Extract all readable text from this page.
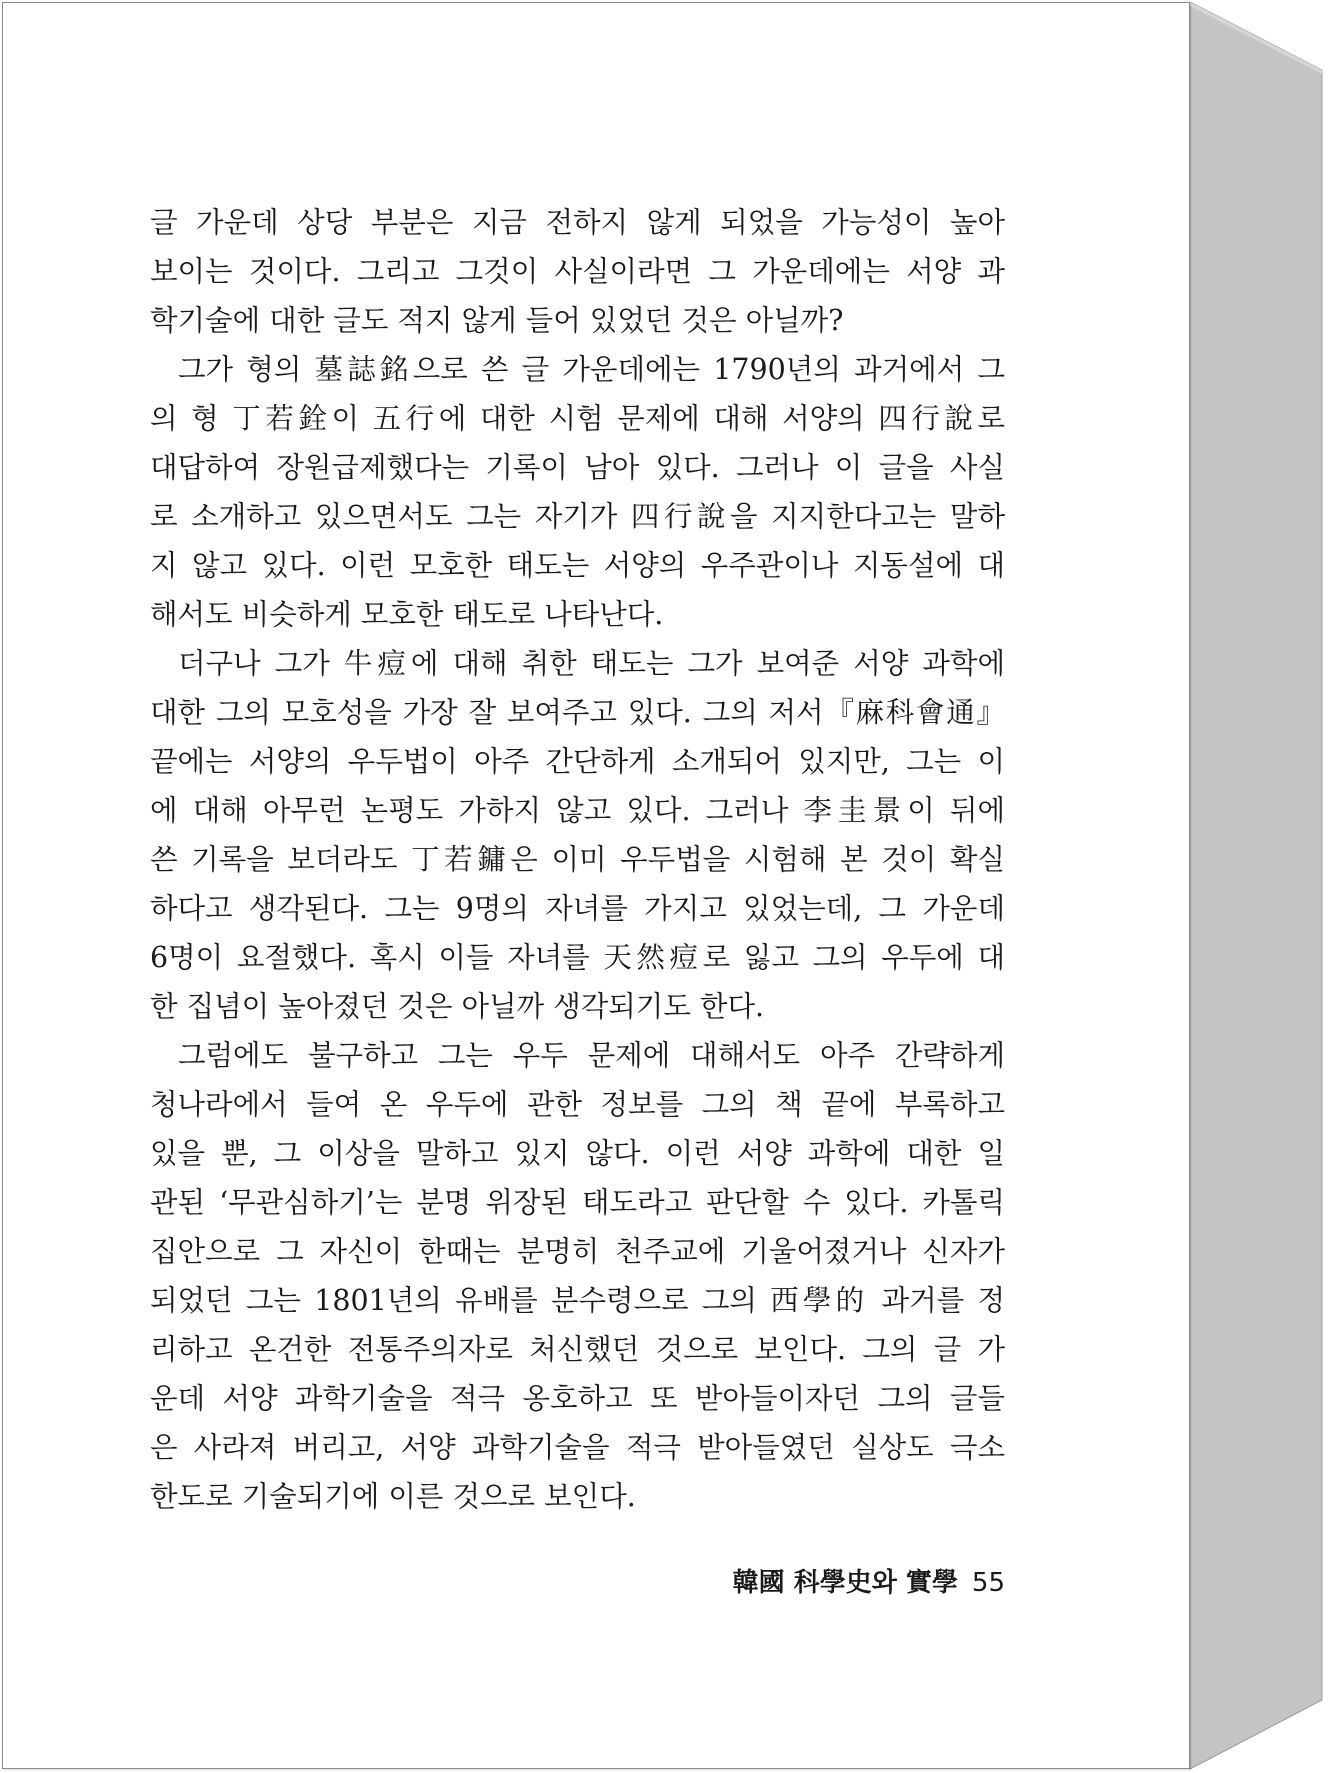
글 가운데 상당 부분은 지금 전하지 않게 되었을 가능성이 높아
보이는 것이다. 그리고 그것이 사실이라면 그 가운데에는 서양 과
학기술에 대한 글도 적지 않게 들어 있었던 것은 아닐까?
그가 형의 墓誌銘으로 쓴 글 가운데에는 1790년의 과거에서 그
의 형 丁若銓이 五行에 대한 시험 문제에 대해 서양의 四行說로
대답하여 장원급제했다는 기록이 남아 있다. 그러나 이 글을 사실
로 소개하고 있으면서도 그는 자기가 四行說을 지지한다고는 말하
지 않고 있다. 이런 모호한 태도는 서양의 우주관이나 지동설에 대
해서도 비슷하게 모호한 태도로 나타난다.
더구나 그가 牛痘에 대해 취한 태도는 그가 보여준 서양 과학에
대한 그의 모호성을 가장 잘 보여주고 있다. 그의 저서『麻科會通』
끝에는 서양의 우두법이 아주 간단하게 소개되어 있지만, 그는 이
에 대해 아무런 논평도 가하지 않고 있다. 그러나 李圭景이 뒤에
쓴 기록을 보더라도 丁若鏞은 이미 우두법을 시험해 본 것이 확실
하다고 생각된다. 그는 9명의 자녀를 가지고 있었는데, 그 가운데
6명이 요절했다. 혹시 이들 자녀를 天然痘로 잃고 그의 우두에 대
한 집념이 높아졌던 것은 아닐까 생각되기도 한다.
그럼에도 불구하고 그는 우두 문제에 대해서도 아주 간략하게
청나라에서 들여 온 우두에 관한 정보를 그의 책 끝에 부록하고
있을 뿐, 그 이상을 말하고 있지 않다. 이런 서양 과학에 대한 일
관된 ‘무관심하기’는 분명 위장된 태도라고 판단할 수 있다. 카톨릭
집안으로 그 자신이 한때는 분명히 천주교에 기울어졌거나 신자가
되었던 그는 1801년의 유배를 분수령으로 그의 西學的 과거를 정
리하고 온건한 전통주의자로 처신했던 것으로 보인다. 그의 글 가
운데 서양 과학기술을 적극 옹호하고 또 받아들이자던 그의 글들
은 사라져 버리고, 서양 과학기술을 적극 받아들였던 실상도 극소
한도로 기술되기에 이른 것으로 보인다.
韓國 科學史와 實學 55
